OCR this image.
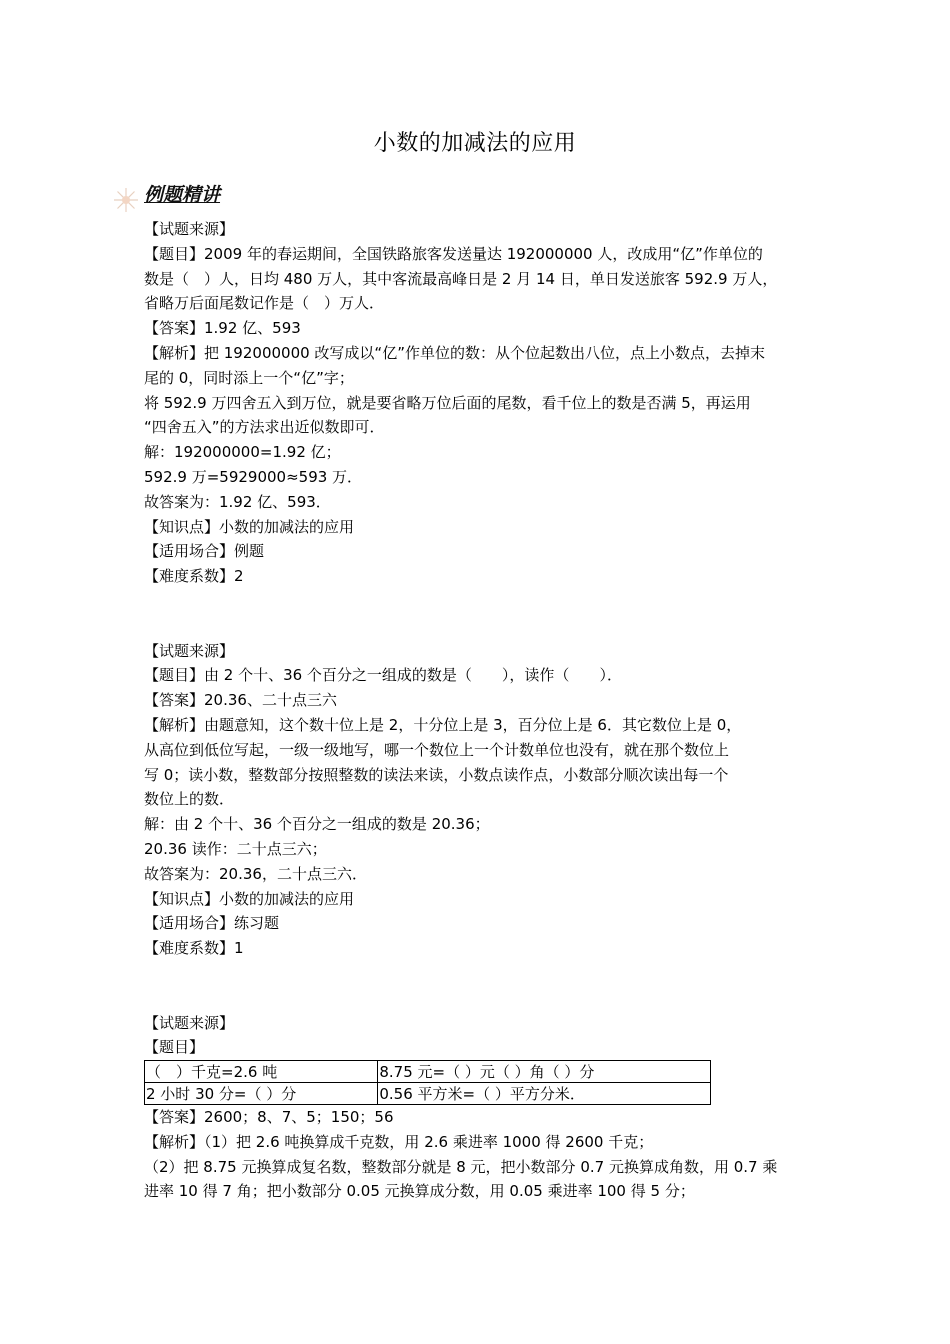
小数的加减法的应用
例题精讲
【试题来源】
【题目】2009 年的春运期间，全国铁路旅客发送量达 192000000 人，改成用“亿”作单位的
数是（　）人，日均 480 万人，其中客流最高峰日是 2 月 14 日，单日发送旅客 592.9 万人，
省略万后面尾数记作是（　）万人．
【答案】1.92 亿、593
【解析】把 192000000 改写成以“亿”作单位的数：从个位起数出八位，点上小数点，去掉末
尾的 0，同时添上一个“亿”字；
将 592.9 万四舍五入到万位，就是要省略万位后面的尾数，看千位上的数是否满 5，再运用
“四舍五入”的方法求出近似数即可．
解：192000000=1.92 亿；
592.9 万=5929000≈593 万．
故答案为：1.92 亿、593．
【知识点】小数的加减法的应用
【适用场合】例题
【难度系数】2
【试题来源】
【题目】由 2 个十、36 个百分之一组成的数是（　　），读作（　　）．
【答案】20.36、二十点三六
【解析】由题意知，这个数十位上是 2，十分位上是 3，百分位上是 6．其它数位上是 0，
从高位到低位写起，一级一级地写，哪一个数位上一个计数单位也没有，就在那个数位上
写 0；读小数，整数部分按照整数的读法来读，小数点读作点，小数部分顺次读出每一个
数位上的数．
解：由 2 个十、36 个百分之一组成的数是 20.36；
20.36 读作：二十点三六；
故答案为：20.36，二十点三六．
【知识点】小数的加减法的应用
【适用场合】练习题
【难度系数】1
【试题来源】
【题目】
（　）千克=2.6 吨	8.75 元=（ ）元（ ）角（ ）分
2 小时 30 分=（ ）分	0.56 平方米=（ ）平方分米．
【答案】2600；8、7、5；150；56
【解析】（1）把 2.6 吨换算成千克数，用 2.6 乘进率 1000 得 2600 千克；
（2）把 8.75 元换算成复名数，整数部分就是 8 元，把小数部分 0.7 元换算成角数，用 0.7 乘
进率 10 得 7 角；把小数部分 0.05 元换算成分数，用 0.05 乘进率 100 得 5 分；
